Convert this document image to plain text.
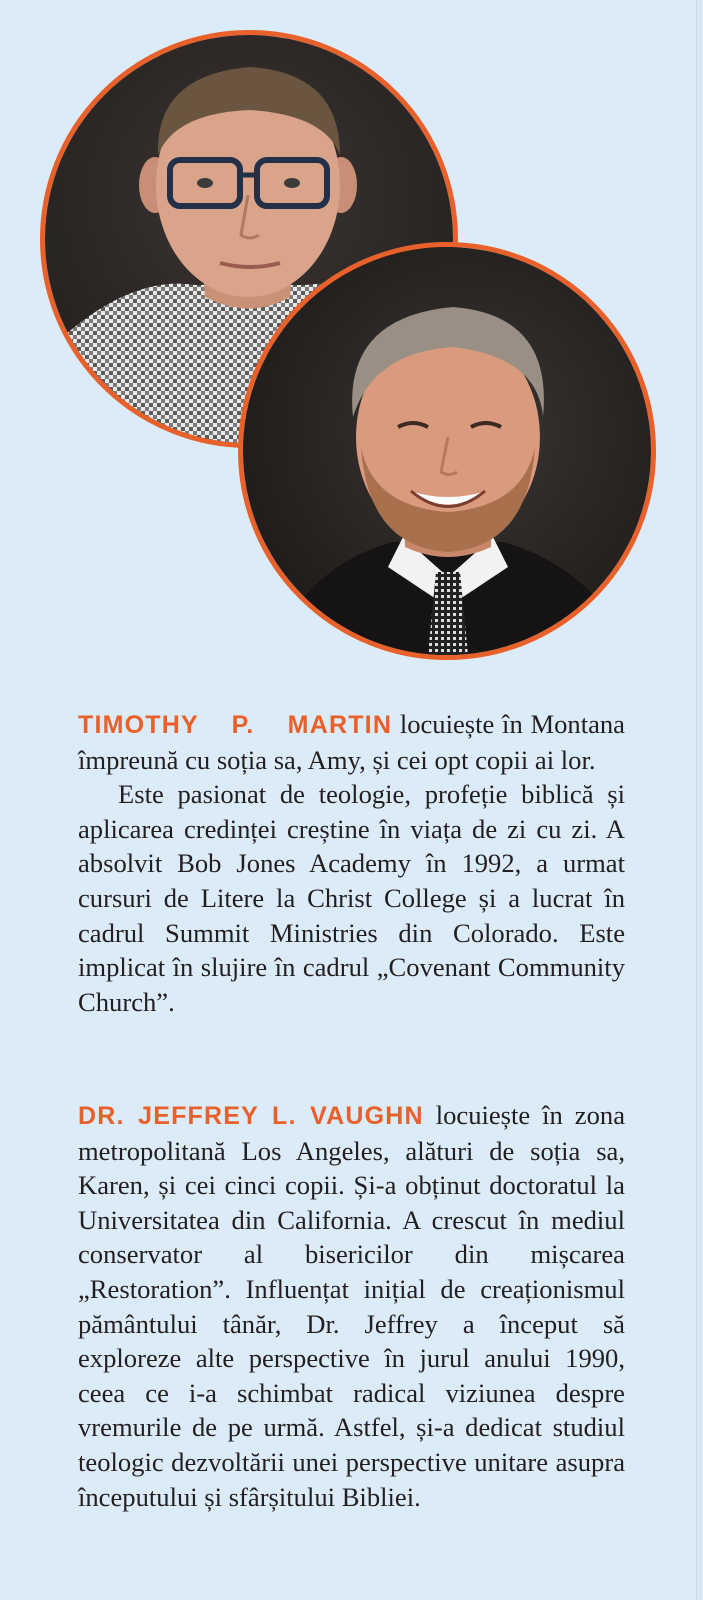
TIMOTHY P. MARTIN locuiește în Montana împreună cu soția sa, Amy, și cei opt copii ai lor.

Este pasionat de teologie, profeție biblică și aplicarea credinței creștine în viața de zi cu zi. A absolvit Bob Jones Academy în 1992, a urmat cursuri de Litere la Christ College și a lucrat în cadrul Summit Ministries din Colorado. Este implicat în slujire în cadrul „Covenant Community Church”.

DR. JEFFREY L. VAUGHN locuiește în zona metropolitană Los Angeles, alături de soția sa, Karen, și cei cinci copii. Și-a obținut doctoratul la Universitatea din California. A crescut în mediul conservator al bisericilor din mișcarea „Restoration”. Influențat inițial de creaționismul pământului tânăr, Dr. Jeffrey a început să exploreze alte perspective în jurul anului 1990, ceea ce i-a schimbat radical viziunea despre vremurile de pe urmă. Astfel, și-a dedicat studiul teologic dezvoltării unei perspective unitare asupra începutului și sfârșitului Bibliei.
